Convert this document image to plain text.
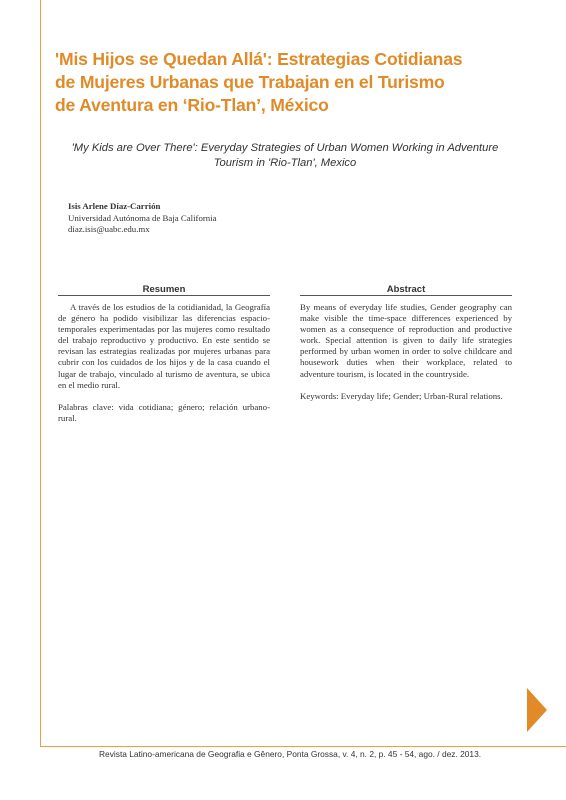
'Mis Hijos se Quedan Allá': Estrategias Cotidianas
de Mujeres Urbanas que Trabajan en el Turismo
de Aventura en ‘Rio-Tlan’, México

'My Kids are Over There': Everyday Strategies of Urban Women Working in Adventure Tourism in 'Rio-Tlan', Mexico

Isis Arlene Díaz-Carrión
Universidad Autónoma de Baja California
diaz.isis@uabc.edu.mx
Resumen

A través de los estudios de la cotidianidad, la Geografía de género ha podido visibilizar las diferencias espacio-temporales experimentadas por las mujeres como resultado del trabajo reproductivo y productivo. En este sentido se revisan las estrategias realizadas por mujeres urbanas para cubrir con los cuidados de los hijos y de la casa cuando el lugar de trabajo, vinculado al turismo de aventura, se ubica en el medio rural.

Palabras clave: vida cotidiana; género; relación urbano-rural.

Abstract

By means of everyday life studies, Gender geography can make visible the time-space differences experienced by women as a consequence of reproduction and productive work. Special attention is given to daily life strategies performed by urban women in order to solve childcare and housework duties when their workplace, related to adventure tourism, is located in the countryside.

Keywords: Everyday life; Gender; Urban-Rural relations.

Revista Latino-americana de Geografia e Gênero, Ponta Grossa, v. 4, n. 2, p. 45 - 54, ago. / dez. 2013.
